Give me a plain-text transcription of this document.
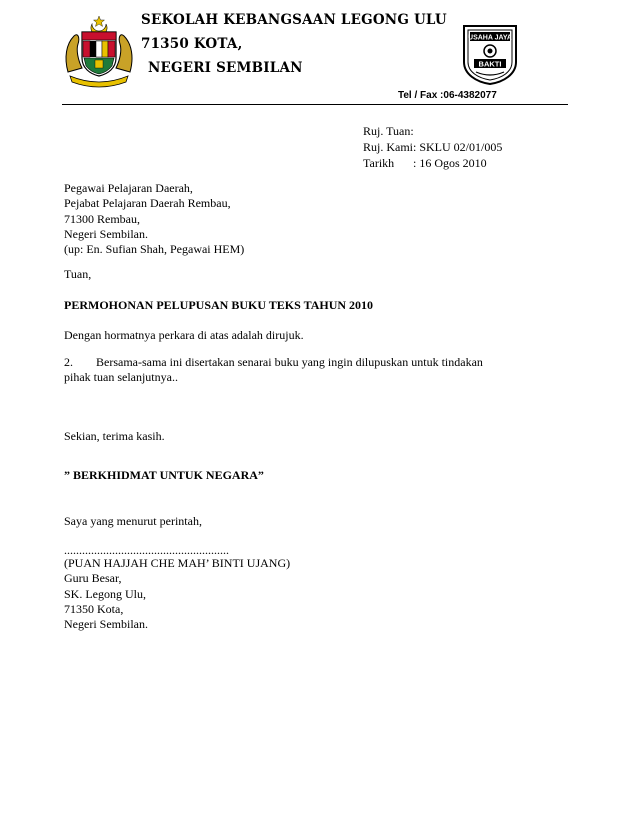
SEKOLAH KEBANGSAAN LEGONG ULU
71350 KOTA,
NEGERI SEMBILAN
USAHA JAYA
BAKTI
Tel / Fax :06-4382077
Ruj. Tuan:
Ruj. Kami: SKLU 02/01/005
Tarikh : 16 Ogos 2010
Pegawai Pelajaran Daerah,
Pejabat Pelajaran Daerah Rembau,
71300 Rembau,
Negeri Sembilan.
(up: En. Sufian Shah, Pegawai HEM)
Tuan,
PERMOHONAN PELUPUSAN BUKU TEKS TAHUN 2010
Dengan hormatnya perkara di atas adalah dirujuk.
2. Bersama-sama ini disertakan senarai buku yang ingin dilupuskan untuk tindakan
pihak tuan selanjutnya..
Sekian, terima kasih.
” BERKHIDMAT UNTUK NEGARA”
Saya yang menurut perintah,
.......................................................
(PUAN HAJJAH CHE MAH’ BINTI UJANG)
Guru Besar,
SK. Legong Ulu,
71350 Kota,
Negeri Sembilan.
